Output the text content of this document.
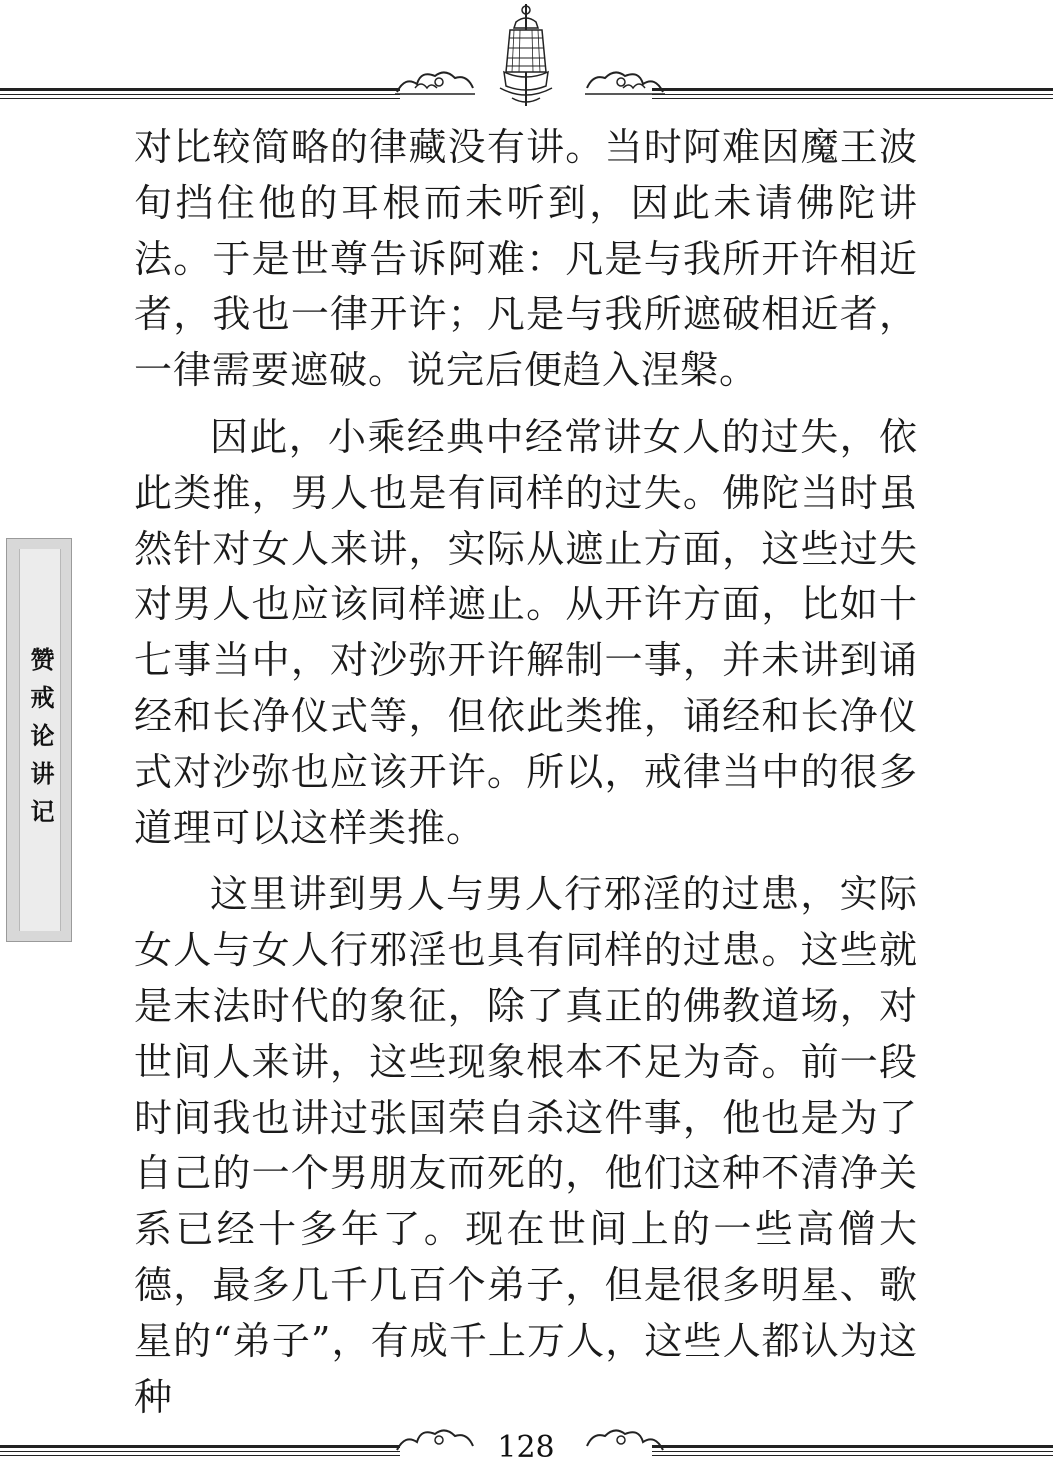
赞戒论讲记

对比较简略的律藏没有讲。当时阿难因魔王波旬挡住他的耳根而未听到，因此未请佛陀讲法。于是世尊告诉阿难：凡是与我所开许相近者，我也一律开许；凡是与我所遮破相近者，一律需要遮破。说完后便趋入涅槃。

因此，小乘经典中经常讲女人的过失，依此类推，男人也是有同样的过失。佛陀当时虽然针对女人来讲，实际从遮止方面，这些过失对男人也应该同样遮止。从开许方面，比如十七事当中，对沙弥开许解制一事，并未讲到诵经和长净仪式等，但依此类推，诵经和长净仪式对沙弥也应该开许。所以，戒律当中的很多道理可以这样类推。

这里讲到男人与男人行邪淫的过患，实际女人与女人行邪淫也具有同样的过患。这些就是末法时代的象征，除了真正的佛教道场，对世间人来讲，这些现象根本不足为奇。前一段时间我也讲过张国荣自杀这件事，他也是为了自己的一个男朋友而死的，他们这种不清净关系已经十多年了。现在世间上的一些高僧大德，最多几千几百个弟子，但是很多明星、歌星的“弟子”，有成千上万人，这些人都认为这种

128
